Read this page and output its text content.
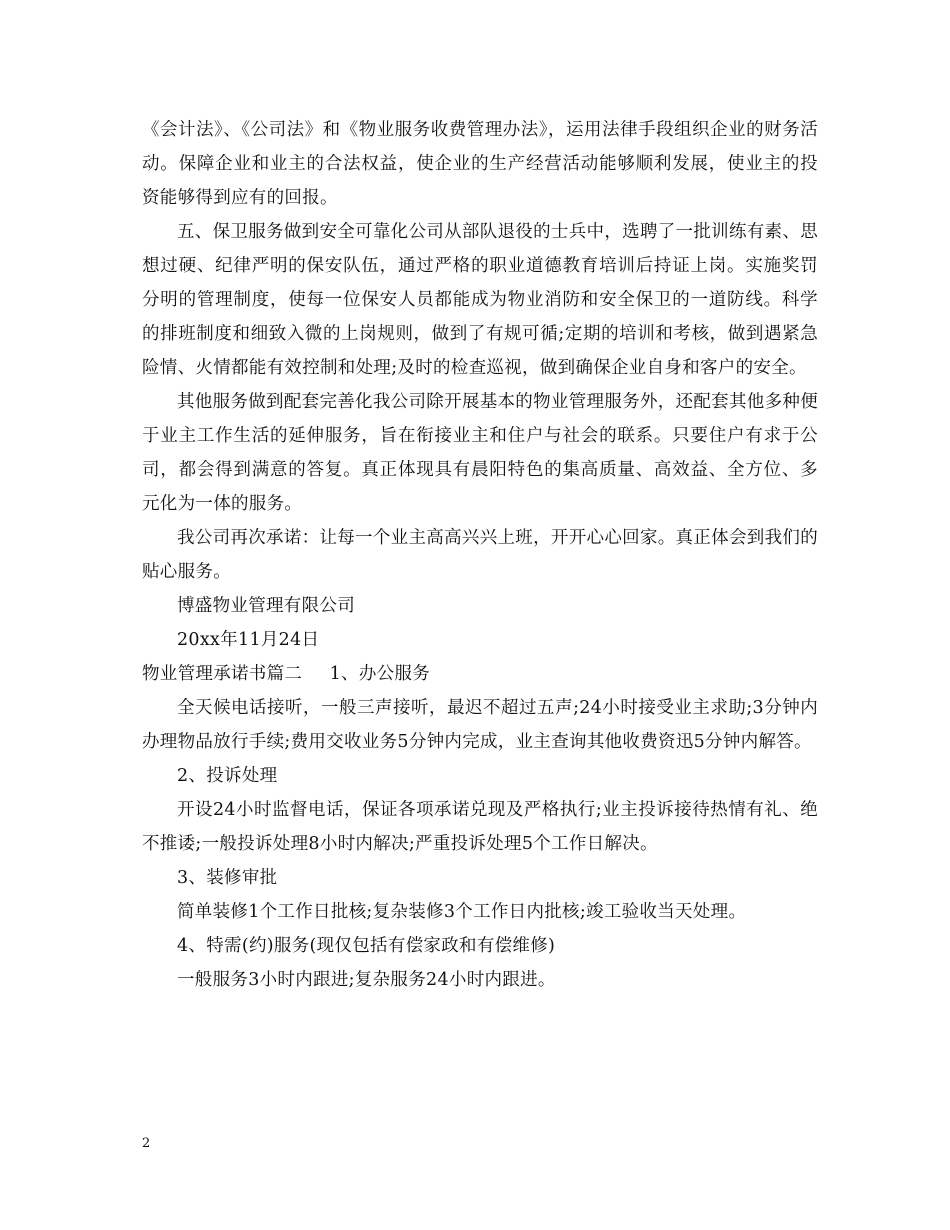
《会计法》、《公司法》和《物业服务收费管理办法》，运用法律手段组织企业的财务活动。保障企业和业主的合法权益，使企业的生产经营活动能够顺利发展，使业主的投资能够得到应有的回报。

五、保卫服务做到安全可靠化公司从部队退役的士兵中，选聘了一批训练有素、思想过硬、纪律严明的保安队伍，通过严格的职业道德教育培训后持证上岗。实施奖罚分明的管理制度，使每一位保安人员都能成为物业消防和安全保卫的一道防线。科学的排班制度和细致入微的上岗规则，做到了有规可循;定期的培训和考核，做到遇紧急险情、火情都能有效控制和处理;及时的检查巡视，做到确保企业自身和客户的安全。

其他服务做到配套完善化我公司除开展基本的物业管理服务外，还配套其他多种便于业主工作生活的延伸服务，旨在衔接业主和住户与社会的联系。只要住户有求于公司，都会得到满意的答复。真正体现具有晨阳特色的集高质量、高效益、全方位、多元化为一体的服务。

我公司再次承诺：让每一个业主高高兴兴上班，开开心心回家。真正体会到我们的贴心服务。

博盛物业管理有限公司

20xx年11月24日

物业管理承诺书篇二	1、办公服务

全天候电话接听，一般三声接听，最迟不超过五声;24小时接受业主求助;3分钟内办理物品放行手续;费用交收业务5分钟内完成，业主查询其他收费资迅5分钟内解答。

2、投诉处理

开设24小时监督电话，保证各项承诺兑现及严格执行;业主投诉接待热情有礼、绝不推诿;一般投诉处理8小时内解决;严重投诉处理5个工作日解决。

3、装修审批

简单装修1个工作日批核;复杂装修3个工作日内批核;竣工验收当天处理。

4、特需(约)服务(现仅包括有偿家政和有偿维修)

一般服务3小时内跟进;复杂服务24小时内跟进。

2
